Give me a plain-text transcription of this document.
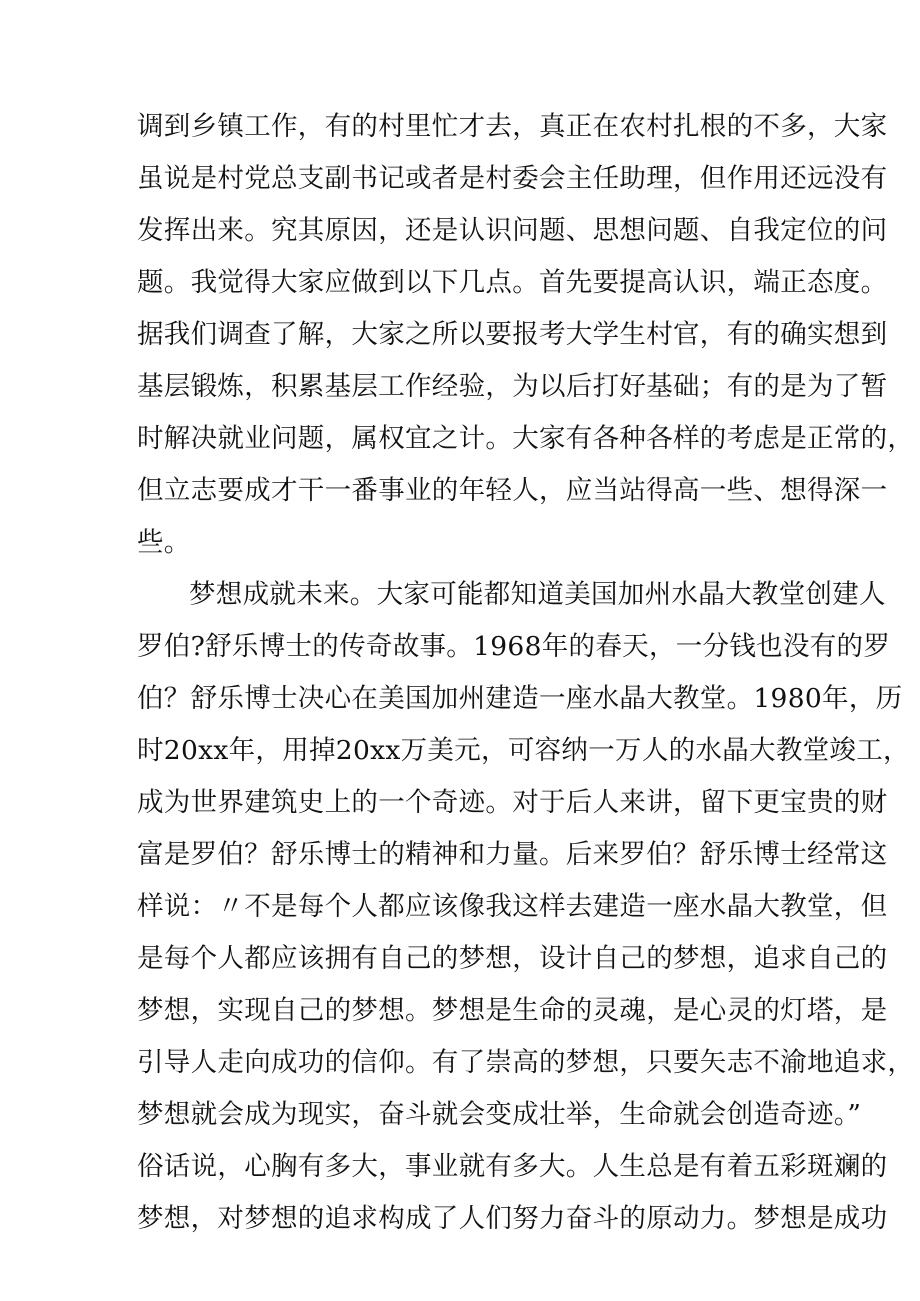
调到乡镇工作，有的村里忙才去，真正在农村扎根的不多，大家
虽说是村党总支副书记或者是村委会主任助理，但作用还远没有
发挥出来。究其原因，还是认识问题、思想问题、自我定位的问
题。我觉得大家应做到以下几点。首先要提高认识，端正态度。
据我们调查了解，大家之所以要报考大学生村官，有的确实想到
基层锻炼，积累基层工作经验，为以后打好基础；有的是为了暂
时解决就业问题，属权宜之计。大家有各种各样的考虑是正常的，
但立志要成才干一番事业的年轻人，应当站得高一些、想得深一
些。
梦想成就未来。大家可能都知道美国加州水晶大教堂创建人
罗伯?舒乐博士的传奇故事。1968年的春天，一分钱也没有的罗
伯？舒乐博士决心在美国加州建造一座水晶大教堂。1980年，历
时20xx年，用掉20xx万美元，可容纳一万人的水晶大教堂竣工，
成为世界建筑史上的一个奇迹。对于后人来讲，留下更宝贵的财
富是罗伯？舒乐博士的精神和力量。后来罗伯？舒乐博士经常这
样说：〃不是每个人都应该像我这样去建造一座水晶大教堂，但
是每个人都应该拥有自己的梦想，设计自己的梦想，追求自己的
梦想，实现自己的梦想。梦想是生命的灵魂，是心灵的灯塔，是
引导人走向成功的信仰。有了崇高的梦想，只要矢志不渝地追求，
梦想就会成为现实，奋斗就会变成壮举，生命就会创造奇迹。”
俗话说，心胸有多大，事业就有多大。人生总是有着五彩斑斓的
梦想，对梦想的追求构成了人们努力奋斗的原动力。梦想是成功
